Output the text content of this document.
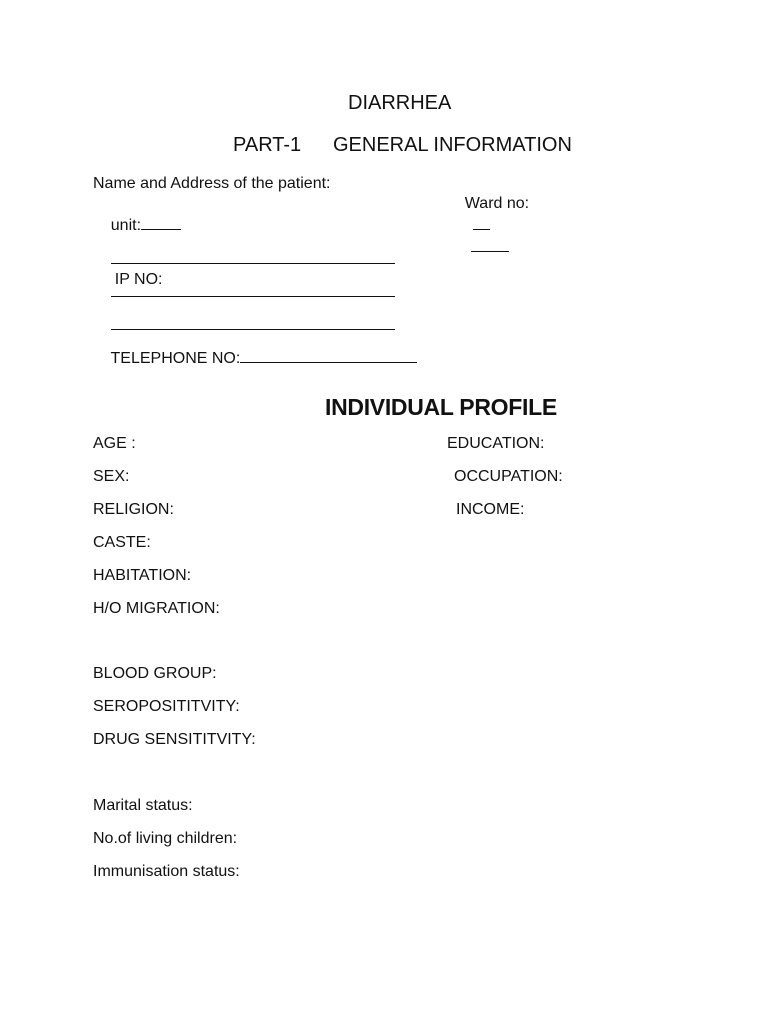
DIARRHEA
PART-1 GENERAL INFORMATION
Name and Address of the patient:

Ward no:

unit:

IP NO:

TELEPHONE NO:

INDIVIDUAL PROFILE
AGE :
SEX:
RELIGION:
CASTE:
HABITATION:
H/O MIGRATION:
EDUCATION:
OCCUPATION:
INCOME:
BLOOD GROUP:
SEROPOSITITVITY:
DRUG SENSITITVITY:
Marital status:
No.of living children:
Immunisation status:
